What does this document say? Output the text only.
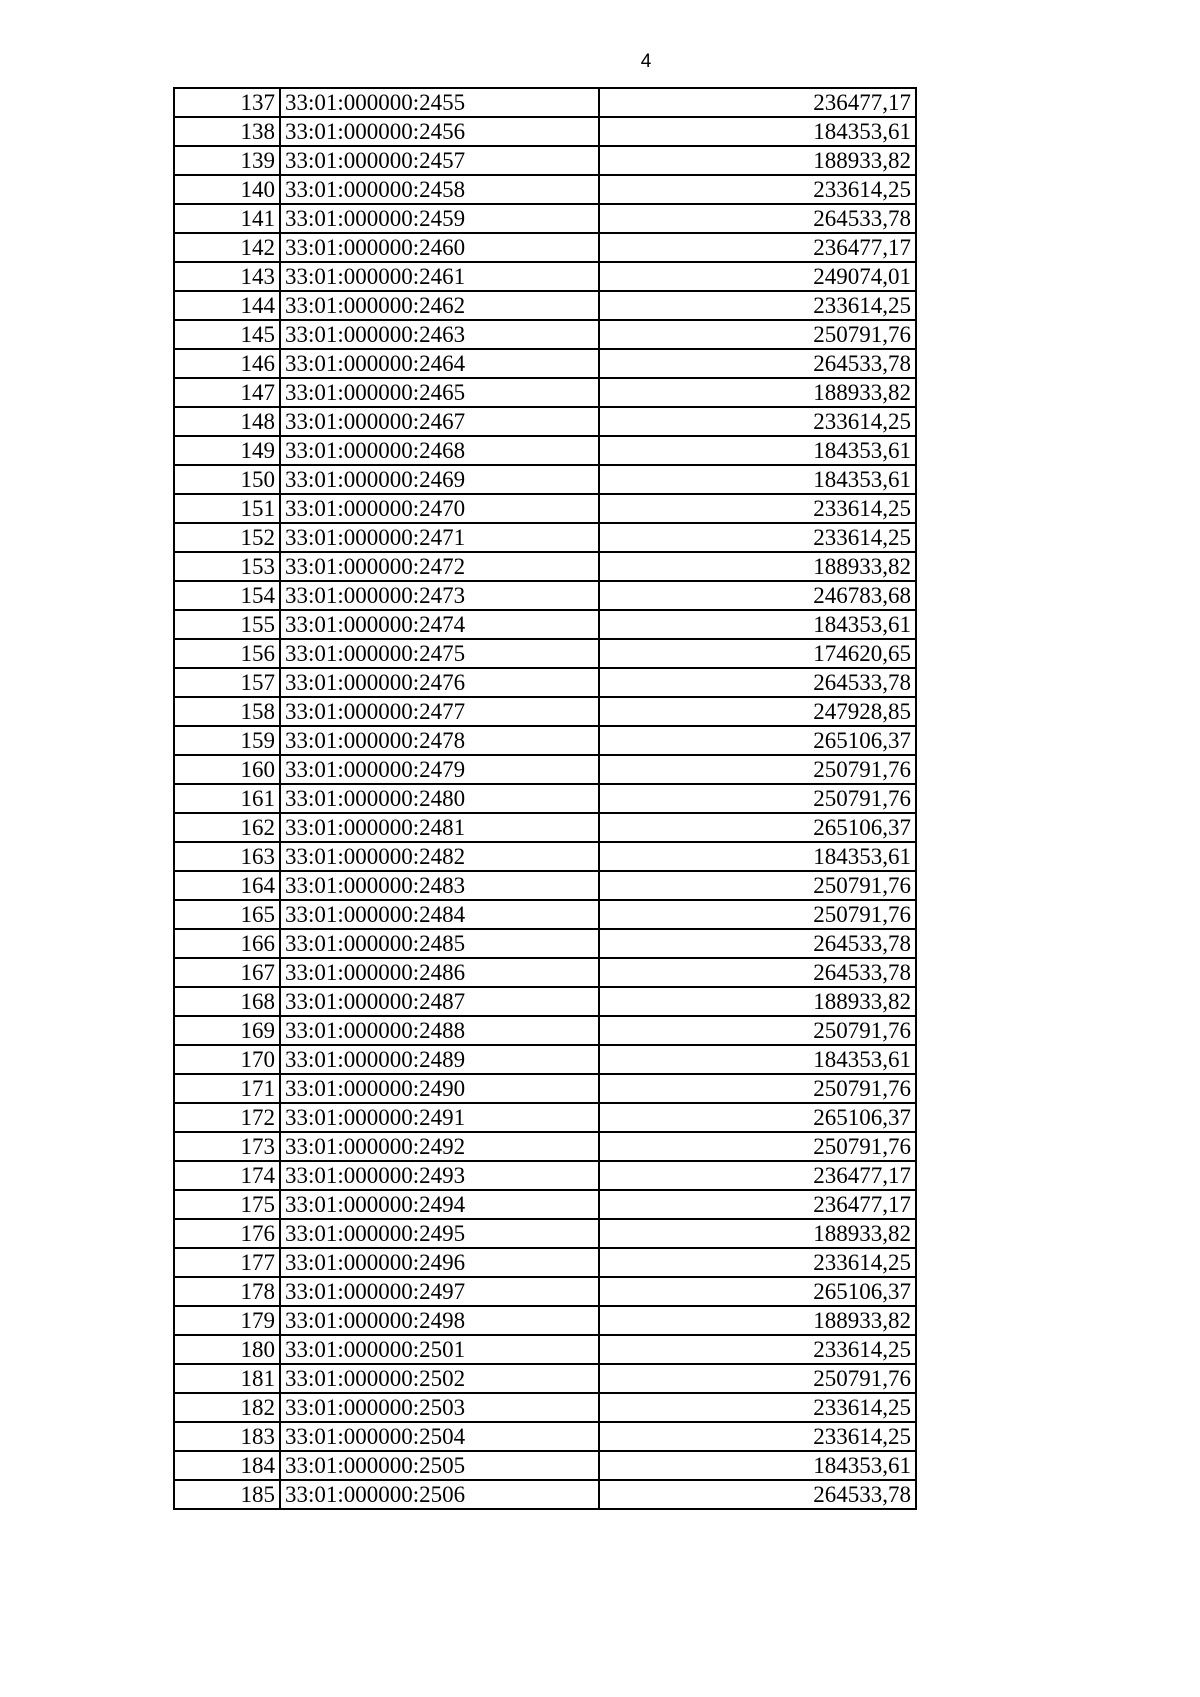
4
137	33:01:000000:2455	236477,17
138	33:01:000000:2456	184353,61
139	33:01:000000:2457	188933,82
140	33:01:000000:2458	233614,25
141	33:01:000000:2459	264533,78
142	33:01:000000:2460	236477,17
143	33:01:000000:2461	249074,01
144	33:01:000000:2462	233614,25
145	33:01:000000:2463	250791,76
146	33:01:000000:2464	264533,78
147	33:01:000000:2465	188933,82
148	33:01:000000:2467	233614,25
149	33:01:000000:2468	184353,61
150	33:01:000000:2469	184353,61
151	33:01:000000:2470	233614,25
152	33:01:000000:2471	233614,25
153	33:01:000000:2472	188933,82
154	33:01:000000:2473	246783,68
155	33:01:000000:2474	184353,61
156	33:01:000000:2475	174620,65
157	33:01:000000:2476	264533,78
158	33:01:000000:2477	247928,85
159	33:01:000000:2478	265106,37
160	33:01:000000:2479	250791,76
161	33:01:000000:2480	250791,76
162	33:01:000000:2481	265106,37
163	33:01:000000:2482	184353,61
164	33:01:000000:2483	250791,76
165	33:01:000000:2484	250791,76
166	33:01:000000:2485	264533,78
167	33:01:000000:2486	264533,78
168	33:01:000000:2487	188933,82
169	33:01:000000:2488	250791,76
170	33:01:000000:2489	184353,61
171	33:01:000000:2490	250791,76
172	33:01:000000:2491	265106,37
173	33:01:000000:2492	250791,76
174	33:01:000000:2493	236477,17
175	33:01:000000:2494	236477,17
176	33:01:000000:2495	188933,82
177	33:01:000000:2496	233614,25
178	33:01:000000:2497	265106,37
179	33:01:000000:2498	188933,82
180	33:01:000000:2501	233614,25
181	33:01:000000:2502	250791,76
182	33:01:000000:2503	233614,25
183	33:01:000000:2504	233614,25
184	33:01:000000:2505	184353,61
185	33:01:000000:2506	264533,78
